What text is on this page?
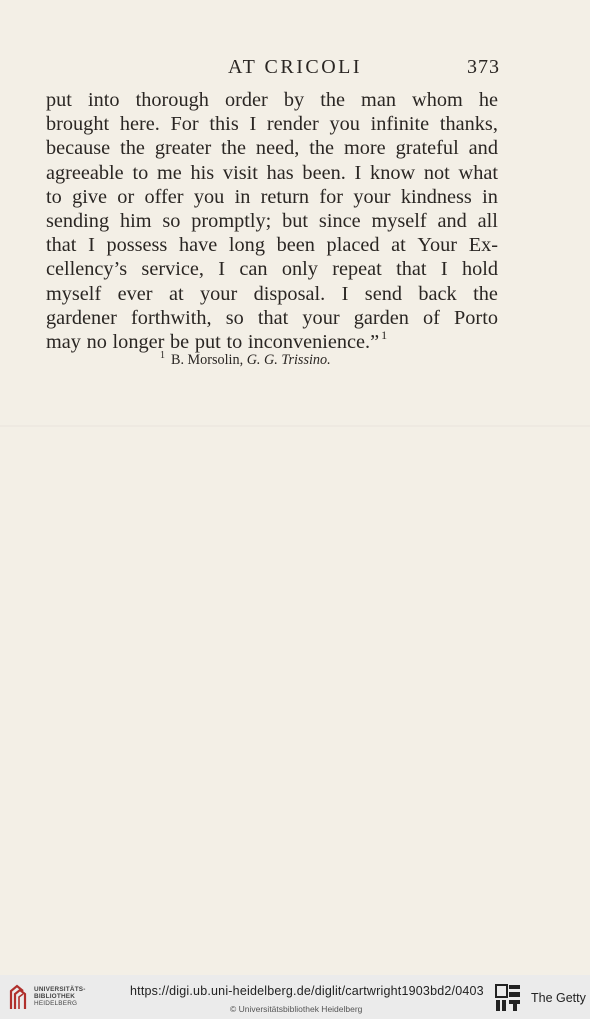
AT CRICOLI	373
put into thorough order by the man whom he
brought here. For this I render you infinite thanks,
because the greater the need, the more grateful and
agreeable to me his visit has been. I know not what
to give or offer you in return for your kindness in
sending him so promptly; but since myself and all
that I possess have long been placed at Your Ex-
cellency’s service, I can only repeat that I hold
myself ever at your disposal. I send back the
gardener forthwith, so that your garden of Porto
may no longer be put to inconvenience.” $^1$
$^1$ B. Morsolin, G. G. Trissino.
UNIVERSITÄTS-
BIBLIOTHEK
HEIDELBERG
https://digi.ub.uni-heidelberg.de/diglit/cartwright1903bd2/0403
© Universitätsbibliothek Heidelberg
The Getty
